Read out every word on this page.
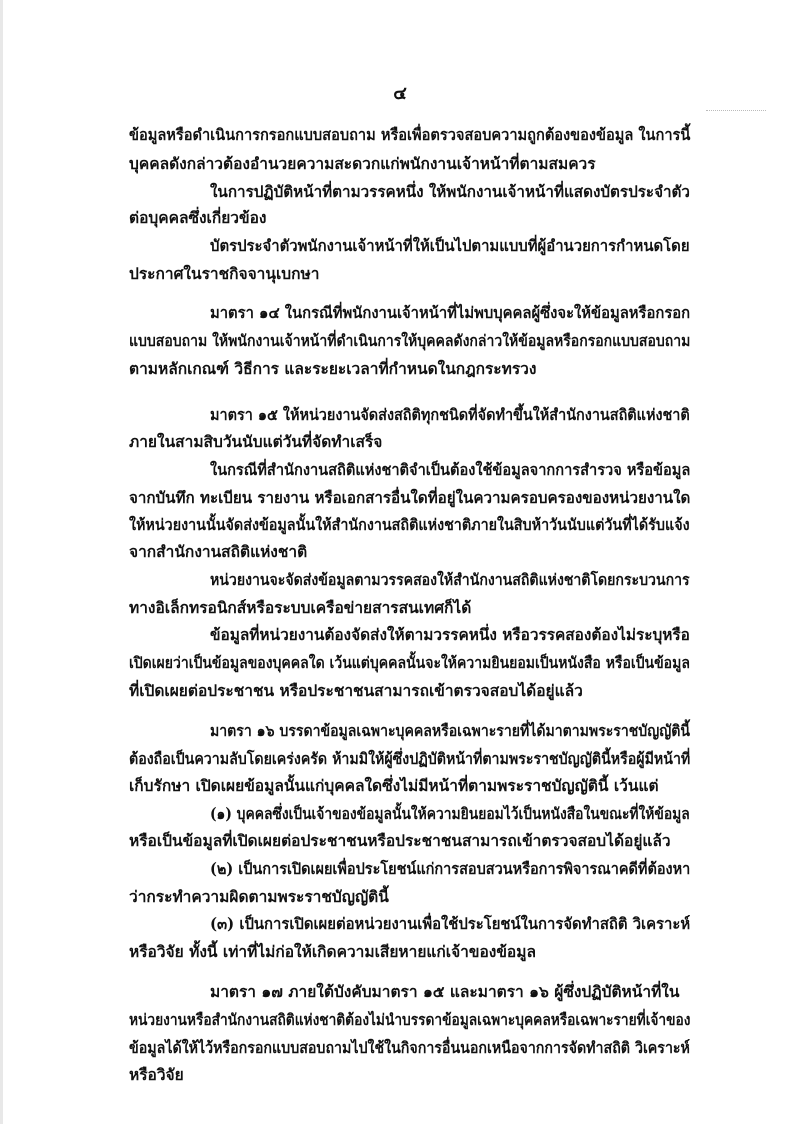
๔
ข้อมูลหรือดำเนินการกรอกแบบสอบถาม หรือเพื่อตรวจสอบความถูกต้องของข้อมูล ในการนี้
บุคคลดังกล่าวต้องอำนวยความสะดวกแก่พนักงานเจ้าหน้าที่ตามสมควร
ในการปฏิบัติหน้าที่ตามวรรคหนึ่ง ให้พนักงานเจ้าหน้าที่แสดงบัตรประจำตัว
ต่อบุคคลซึ่งเกี่ยวข้อง
บัตรประจำตัวพนักงานเจ้าหน้าที่ให้เป็นไปตามแบบที่ผู้อำนวยการกำหนดโดย
ประกาศในราชกิจจานุเบกษา
มาตรา ๑๔ ในกรณีที่พนักงานเจ้าหน้าที่ไม่พบบุคคลผู้ซึ่งจะให้ข้อมูลหรือกรอก
แบบสอบถาม ให้พนักงานเจ้าหน้าที่ดำเนินการให้บุคคลดังกล่าวให้ข้อมูลหรือกรอกแบบสอบถาม
ตามหลักเกณฑ์ วิธีการ และระยะเวลาที่กำหนดในกฎกระทรวง
มาตรา ๑๕ ให้หน่วยงานจัดส่งสถิติทุกชนิดที่จัดทำขึ้นให้สำนักงานสถิติแห่งชาติ
ภายในสามสิบวันนับแต่วันที่จัดทำเสร็จ
ในกรณีที่สำนักงานสถิติแห่งชาติจำเป็นต้องใช้ข้อมูลจากการสำรวจ หรือข้อมูล
จากบันทึก ทะเบียน รายงาน หรือเอกสารอื่นใดที่อยู่ในความครอบครองของหน่วยงานใด
ให้หน่วยงานนั้นจัดส่งข้อมูลนั้นให้สำนักงานสถิติแห่งชาติภายในสิบห้าวันนับแต่วันที่ได้รับแจ้ง
จากสำนักงานสถิติแห่งชาติ
หน่วยงานจะจัดส่งข้อมูลตามวรรคสองให้สำนักงานสถิติแห่งชาติโดยกระบวนการ
ทางอิเล็กทรอนิกส์หรือระบบเครือข่ายสารสนเทศก็ได้
ข้อมูลที่หน่วยงานต้องจัดส่งให้ตามวรรคหนึ่ง หรือวรรคสองต้องไม่ระบุหรือ
เปิดเผยว่าเป็นข้อมูลของบุคคลใด เว้นแต่บุคคลนั้นจะให้ความยินยอมเป็นหนังสือ หรือเป็นข้อมูล
ที่เปิดเผยต่อประชาชน หรือประชาชนสามารถเข้าตรวจสอบได้อยู่แล้ว
มาตรา ๑๖ บรรดาข้อมูลเฉพาะบุคคลหรือเฉพาะรายที่ได้มาตามพระราชบัญญัตินี้
ต้องถือเป็นความลับโดยเคร่งครัด ห้ามมิให้ผู้ซึ่งปฏิบัติหน้าที่ตามพระราชบัญญัตินี้หรือผู้มีหน้าที่
เก็บรักษา เปิดเผยข้อมูลนั้นแก่บุคคลใดซึ่งไม่มีหน้าที่ตามพระราชบัญญัตินี้ เว้นแต่
(๑) บุคคลซึ่งเป็นเจ้าของข้อมูลนั้นให้ความยินยอมไว้เป็นหนังสือในขณะที่ให้ข้อมูล
หรือเป็นข้อมูลที่เปิดเผยต่อประชาชนหรือประชาชนสามารถเข้าตรวจสอบได้อยู่แล้ว
(๒) เป็นการเปิดเผยเพื่อประโยชน์แก่การสอบสวนหรือการพิจารณาคดีที่ต้องหา
ว่ากระทำความผิดตามพระราชบัญญัตินี้
(๓) เป็นการเปิดเผยต่อหน่วยงานเพื่อใช้ประโยชน์ในการจัดทำสถิติ วิเคราะห์
หรือวิจัย ทั้งนี้ เท่าที่ไม่ก่อให้เกิดความเสียหายแก่เจ้าของข้อมูล
มาตรา ๑๗ ภายใต้บังคับมาตรา ๑๕ และมาตรา ๑๖ ผู้ซึ่งปฏิบัติหน้าที่ใน
หน่วยงานหรือสำนักงานสถิติแห่งชาติต้องไม่นำบรรดาข้อมูลเฉพาะบุคคลหรือเฉพาะรายที่เจ้าของ
ข้อมูลได้ให้ไว้หรือกรอกแบบสอบถามไปใช้ในกิจการอื่นนอกเหนือจากการจัดทำสถิติ วิเคราะห์
หรือวิจัย
